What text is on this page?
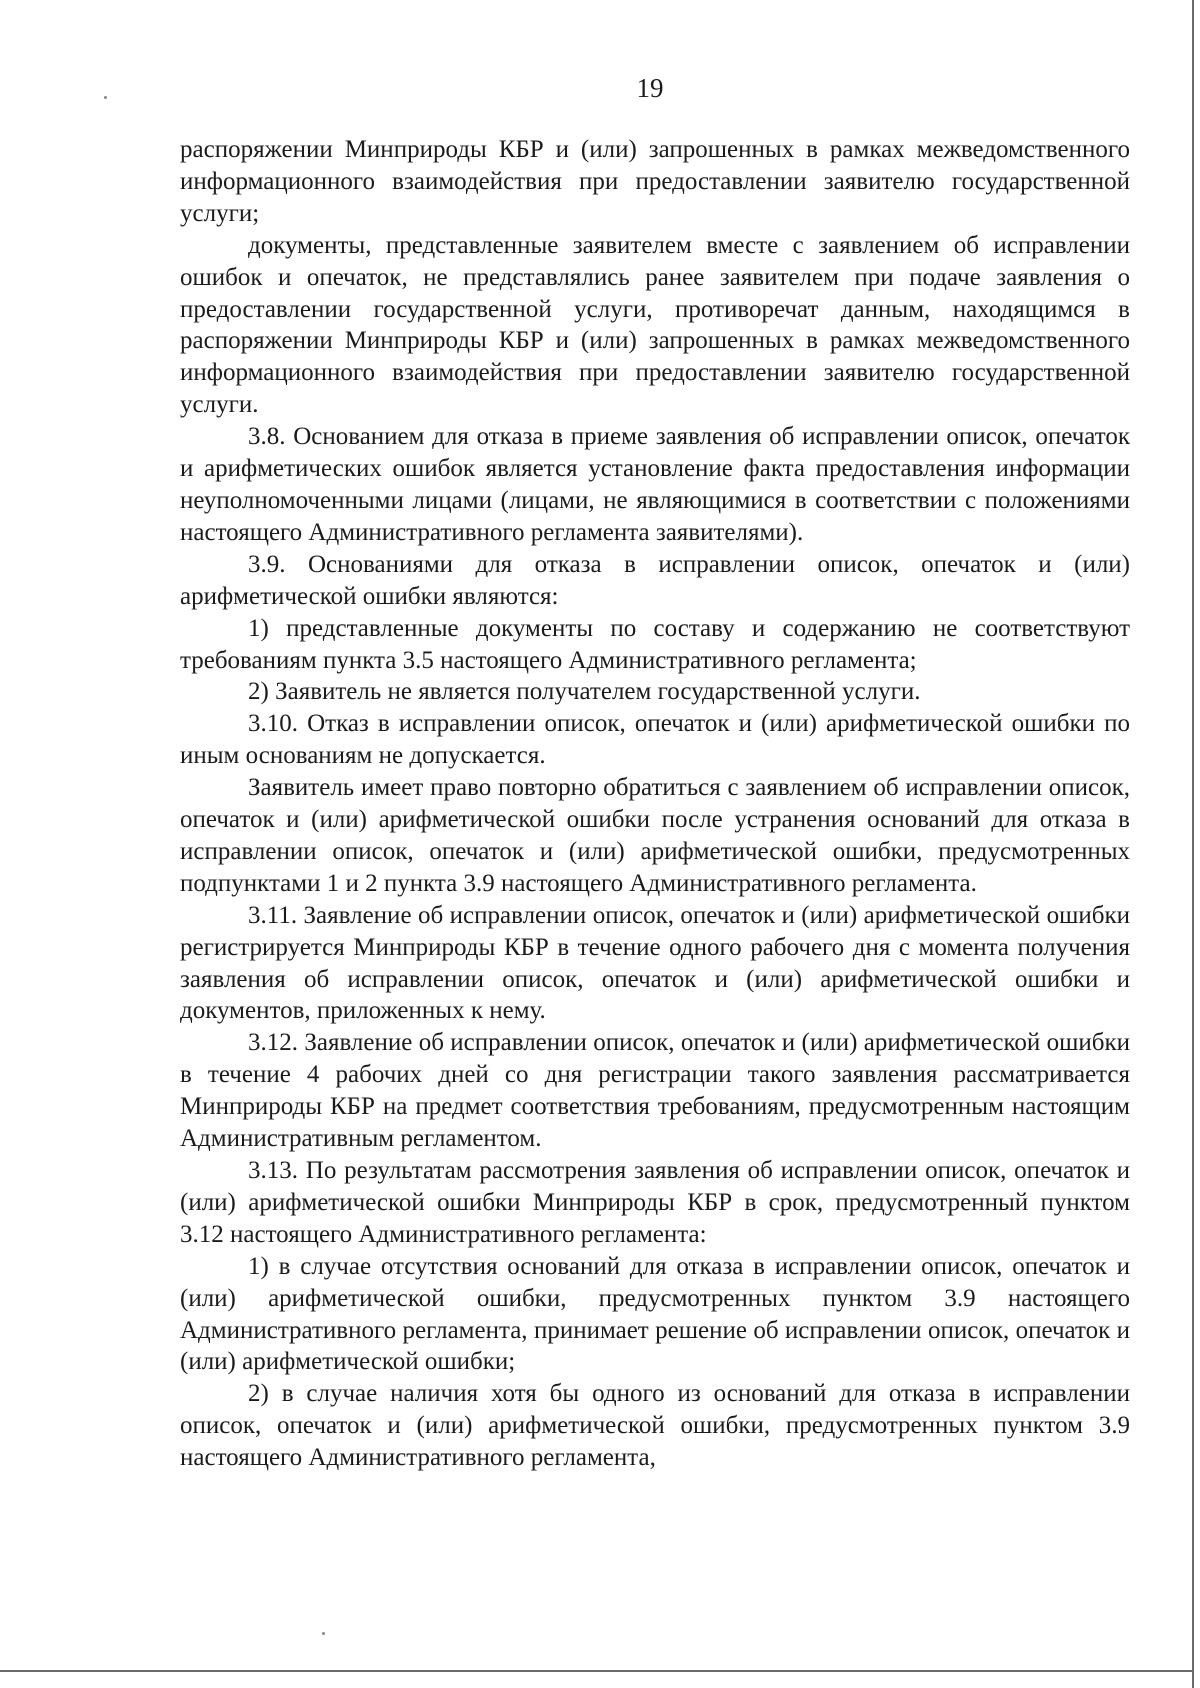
19

распоряжении Минприроды КБР и (или) запрошенных в рамках межведомственного информационного взаимодействия при предоставлении заявителю государственной услуги;

документы, представленные заявителем вместе с заявлением об исправлении ошибок и опечаток, не представлялись ранее заявителем при подаче заявления о предоставлении государственной услуги, противоречат данным, находящимся в распоряжении Минприроды КБР и (или) запрошенных в рамках межведомственного информационного взаимодействия при предоставлении заявителю государственной услуги.

3.8. Основанием для отказа в приеме заявления об исправлении описок, опечаток и арифметических ошибок является установление факта предоставления информации неуполномоченными лицами (лицами, не являющимися в соответствии с положениями настоящего Административного регламента заявителями).

3.9. Основаниями для отказа в исправлении описок, опечаток и (или) арифметической ошибки являются:

1) представленные документы по составу и содержанию не соответствуют требованиям пункта 3.5 настоящего Административного регламента;

2) Заявитель не является получателем государственной услуги.

3.10. Отказ в исправлении описок, опечаток и (или) арифметической ошибки по иным основаниям не допускается.

Заявитель имеет право повторно обратиться с заявлением об исправлении описок, опечаток и (или) арифметической ошибки после устранения оснований для отказа в исправлении описок, опечаток и (или) арифметической ошибки, предусмотренных подпунктами 1 и 2 пункта 3.9 настоящего Административного регламента.

3.11. Заявление об исправлении описок, опечаток и (или) арифметической ошибки регистрируется Минприроды КБР в течение одного рабочего дня с момента получения заявления об исправлении описок, опечаток и (или) арифметической ошибки и документов, приложенных к нему.

3.12. Заявление об исправлении описок, опечаток и (или) арифметической ошибки в течение 4 рабочих дней со дня регистрации такого заявления рассматривается Минприроды КБР на предмет соответствия требованиям, предусмотренным настоящим Административным регламентом.

3.13. По результатам рассмотрения заявления об исправлении описок, опечаток и (или) арифметической ошибки Минприроды КБР в срок, предусмотренный пунктом 3.12 настоящего Административного регламента:

1) в случае отсутствия оснований для отказа в исправлении описок, опечаток и (или) арифметической ошибки, предусмотренных пунктом 3.9 настоящего Административного регламента, принимает решение об исправлении описок, опечаток и (или) арифметической ошибки;

2) в случае наличия хотя бы одного из оснований для отказа в исправлении описок, опечаток и (или) арифметической ошибки, предусмотренных пунктом 3.9 настоящего Административного регламента,
